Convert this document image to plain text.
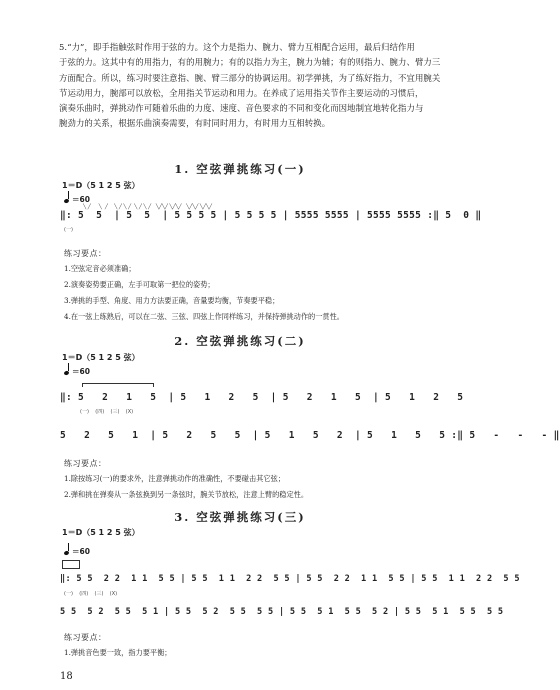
5.“力”，即手指触弦时作用于弦的力。这个力是指力、腕力、臂力互相配合运用，最后归结作用

于弦的力。这其中有的用指力，有的用腕力；有的以指力为主，腕力为辅；有的则指力、腕力、臂力三

方面配合。所以，练习时要注意指、腕、臂三部分的协调运用。初学弹挑，为了练好指力，不宜用腕关

节运动用力，腕部可以放松，全用指关节运动和用力。在养成了运用指关节作主要运动的习惯后，

演奏乐曲时，弹挑动作可随着乐曲的力度、速度、音色要求的不同和变化而因地制宜地转化指力与

腕劲力的关系，根据乐曲演奏需要，有时同时用力，有时用力互相转换。

1. 空弦弹挑练习(一)
1＝D（5 1 2 5 弦）
＝60
╲ ╱     ╲  ╱    ╲ ╱ ╲ ╱  ╲ ╱ ╲ ╱   ╲╱╲╱ ╲╱╲╱   ╲╱╲╱ ╲╱╲╱
‖: 5  5  | 5  5  | 5 5 5 5 | 5 5 5 5 | 5555 5555 | 5555 5555 :‖ 5  0 ‖
(一)
练习要点：
1.空弦定音必须准确；
2.演奏姿势要正确，左手可取第一把位的姿势；
3.弹挑的手型、角度、用力方法要正确，音量要均衡，节奏要平稳；
4.在一弦上练熟后，可以在二弦、三弦、四弦上作同样练习，并保持弹挑动作的一贯性。
2. 空弦弹挑练习(二)
1＝D（5 1 2 5 弦）
＝60
‖: 5   2   1   5  | 5   1   2   5  | 5   2   1   5  | 5   1   2   5
(一)    (四)    (三)    (X)
5   2   5   1  | 5   2   5   5  | 5   1   5   2  | 5   1   5   5 :‖ 5   -   -   - ‖
练习要点：
1.除按练习(一)的要求外，注意弹挑动作的准确性，不要碰击其它弦；
2.弹和挑在弹奏从一条弦换到另一条弦时，腕关节放松，注意上臂的稳定性。
3. 空弦弹挑练习(三)
1＝D（5 1 2 5 弦）
＝60
‖: 5 5  2 2  1 1  5 5 | 5 5  1 1  2 2  5 5 | 5 5  2 2  1 1  5 5 | 5 5  1 1  2 2  5 5
(一)    (四)    (三)    (X)
5 5  5 2  5 5  5 1 | 5 5  5 2  5 5  5 5 | 5 5  5 1  5 5  5 2 | 5 5  5 1  5 5  5 5
练习要点：
1.弹挑音色要一致，指力要平衡；
18
